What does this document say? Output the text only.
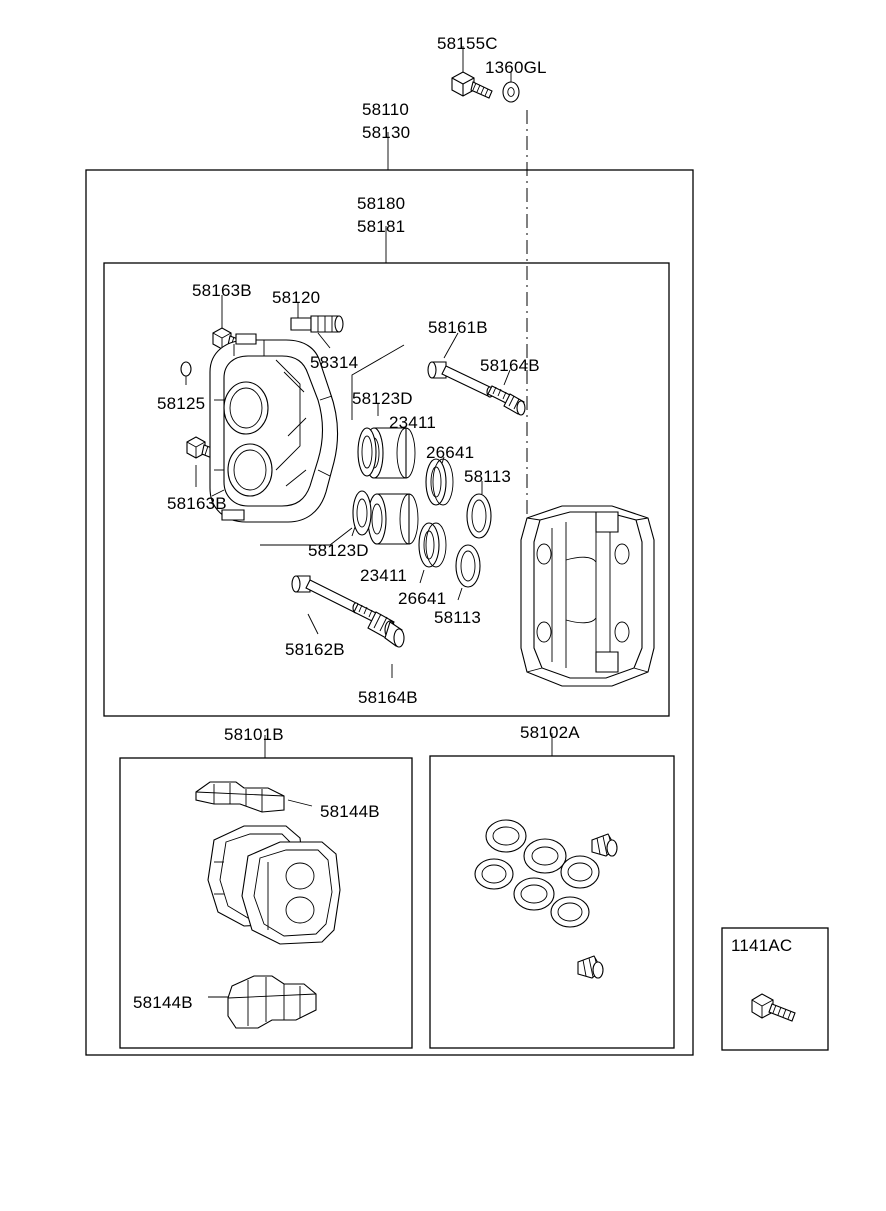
58155C
1360GL
58110
58130
58180
58181
58163B 58120
58314
58161B
58164B
58125	58123D
23411
26641
58113
58163B
58123D
23411
26641
58113
58162B
58164B
58101B	58102A
58144B
58144B
1141AC
